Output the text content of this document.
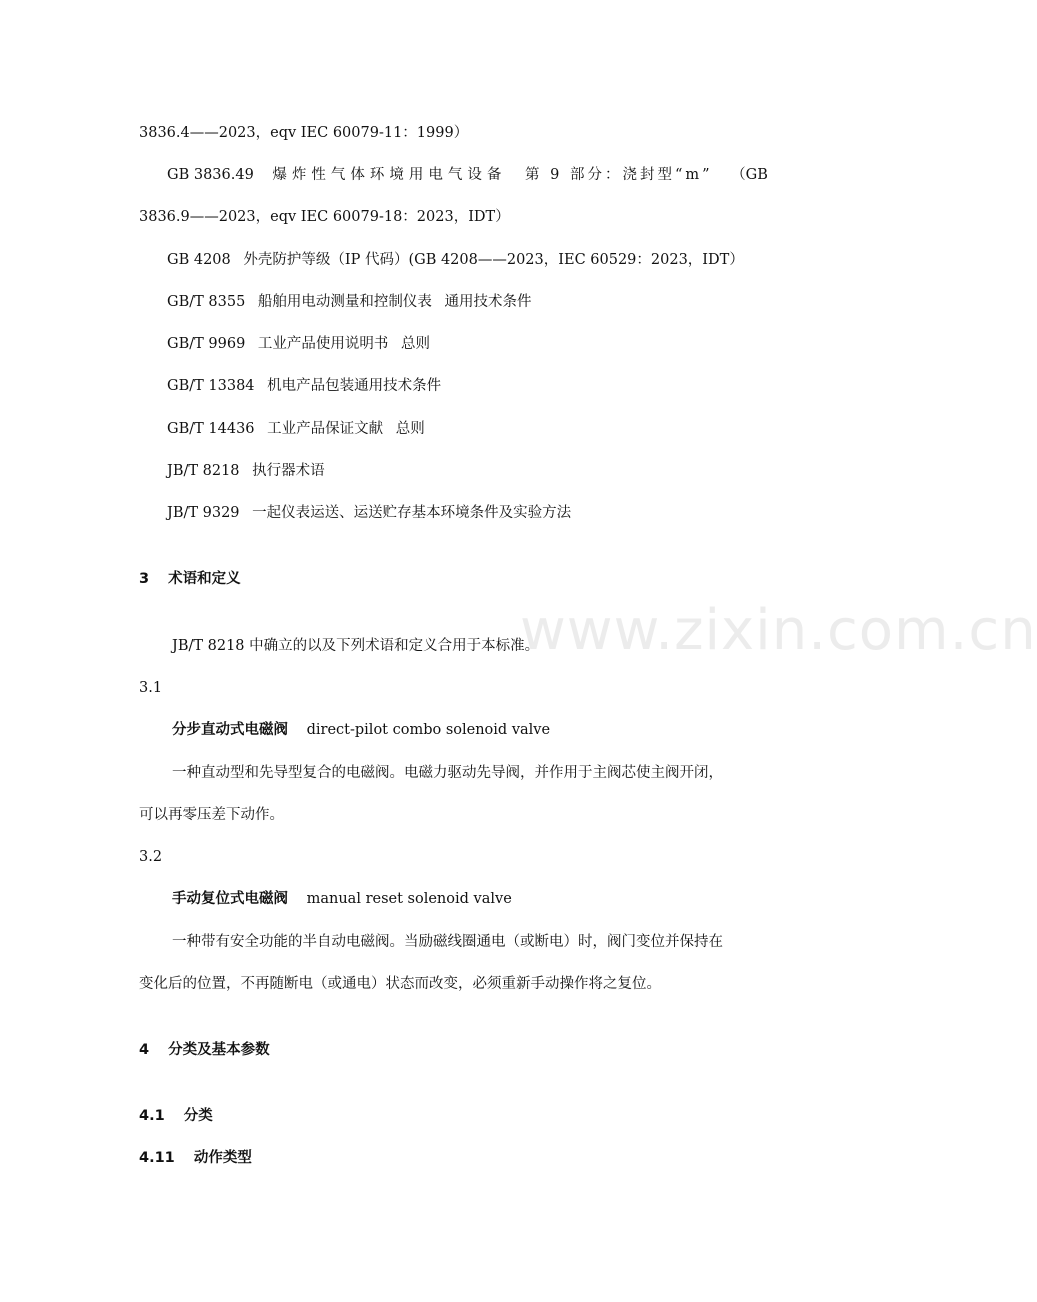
www.zixin.com.cn
3836.4——2023，eqv IEC 60079-11：1999）
GB 3836.49 爆炸性气体环境用电气设备 第 9 部分：浇封型“m” （GB
3836.9——2023，eqv IEC 60079-18：2023，IDT）
GB 4208 外壳防护等级（IP 代码）(GB 4208——2023，IEC 60529：2023，IDT）
GB/T 8355 船舶用电动测量和控制仪表 通用技术条件
GB/T 9969 工业产品使用说明书 总则
GB/T 13384 机电产品包装通用技术条件
GB/T 14436 工业产品保证文献 总则
JB/T 8218 执行器术语
JB/T 9329 一起仪表运送、运送贮存基本环境条件及实验方法
3 术语和定义
JB/T 8218 中确立的以及下列术语和定义合用于本标准。
3.1
分步直动式电磁阀 direct-pilot combo solenoid valve
一种直动型和先导型复合的电磁阀。电磁力驱动先导阀，并作用于主阀芯使主阀开闭，
可以再零压差下动作。
3.2
手动复位式电磁阀 manual reset solenoid valve
一种带有安全功能的半自动电磁阀。当励磁线圈通电（或断电）时，阀门变位并保持在
变化后的位置，不再随断电（或通电）状态而改变，必须重新手动操作将之复位。
4 分类及基本参数
4.1 分类
4.11 动作类型
